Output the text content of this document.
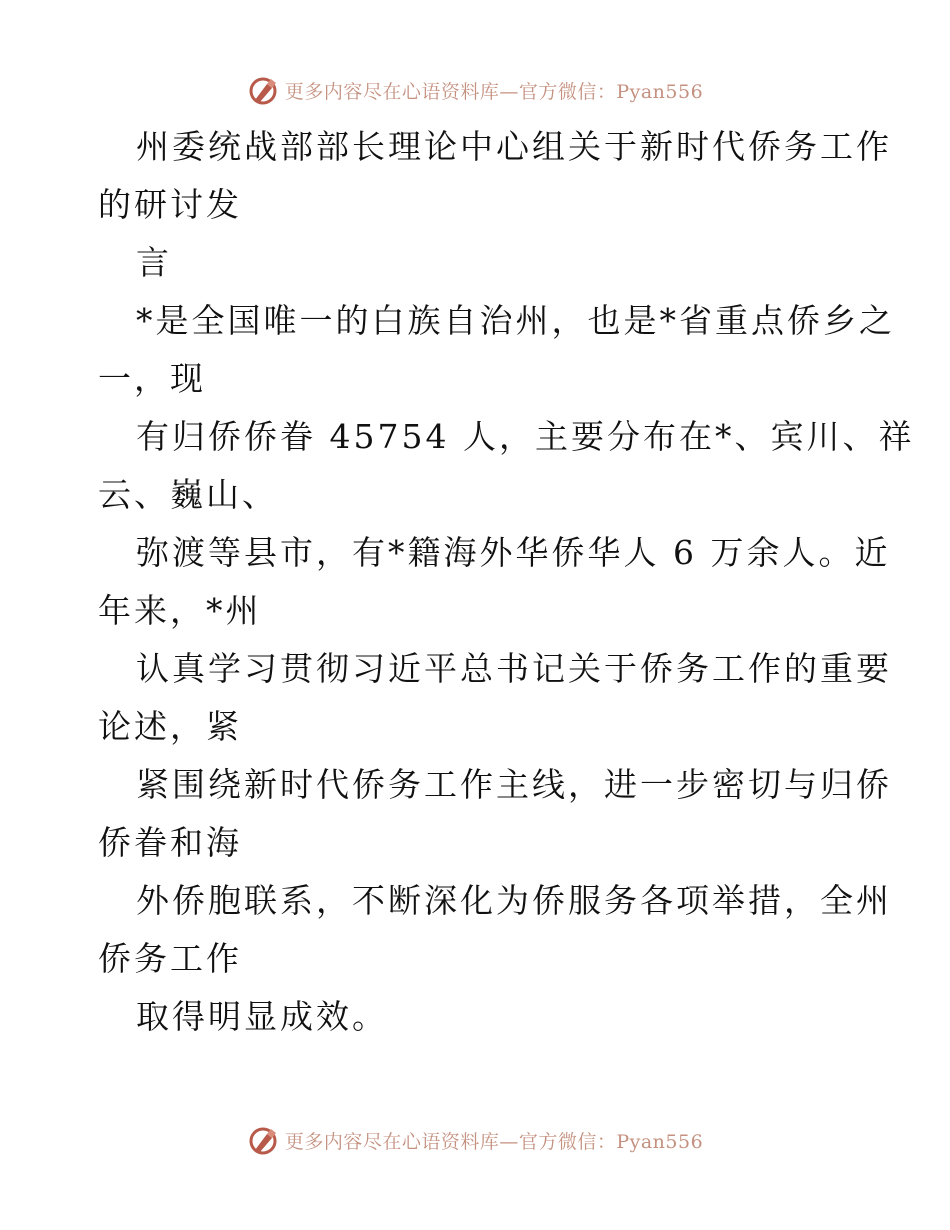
更多内容尽在心语资料库—官方微信：Pyan556
州委统战部部长理论中心组关于新时代侨务工作
的研讨发
言
*是全国唯一的白族自治州，也是*省重点侨乡之
一，现
有归侨侨眷 45754 人，主要分布在*、宾川、祥
云、巍山、
弥渡等县市，有*籍海外华侨华人 6 万余人。近
年来，*州
认真学习贯彻习近平总书记关于侨务工作的重要
论述，紧
紧围绕新时代侨务工作主线，进一步密切与归侨
侨眷和海
外侨胞联系，不断深化为侨服务各项举措，全州
侨务工作
取得明显成效。
更多内容尽在心语资料库—官方微信：Pyan556
